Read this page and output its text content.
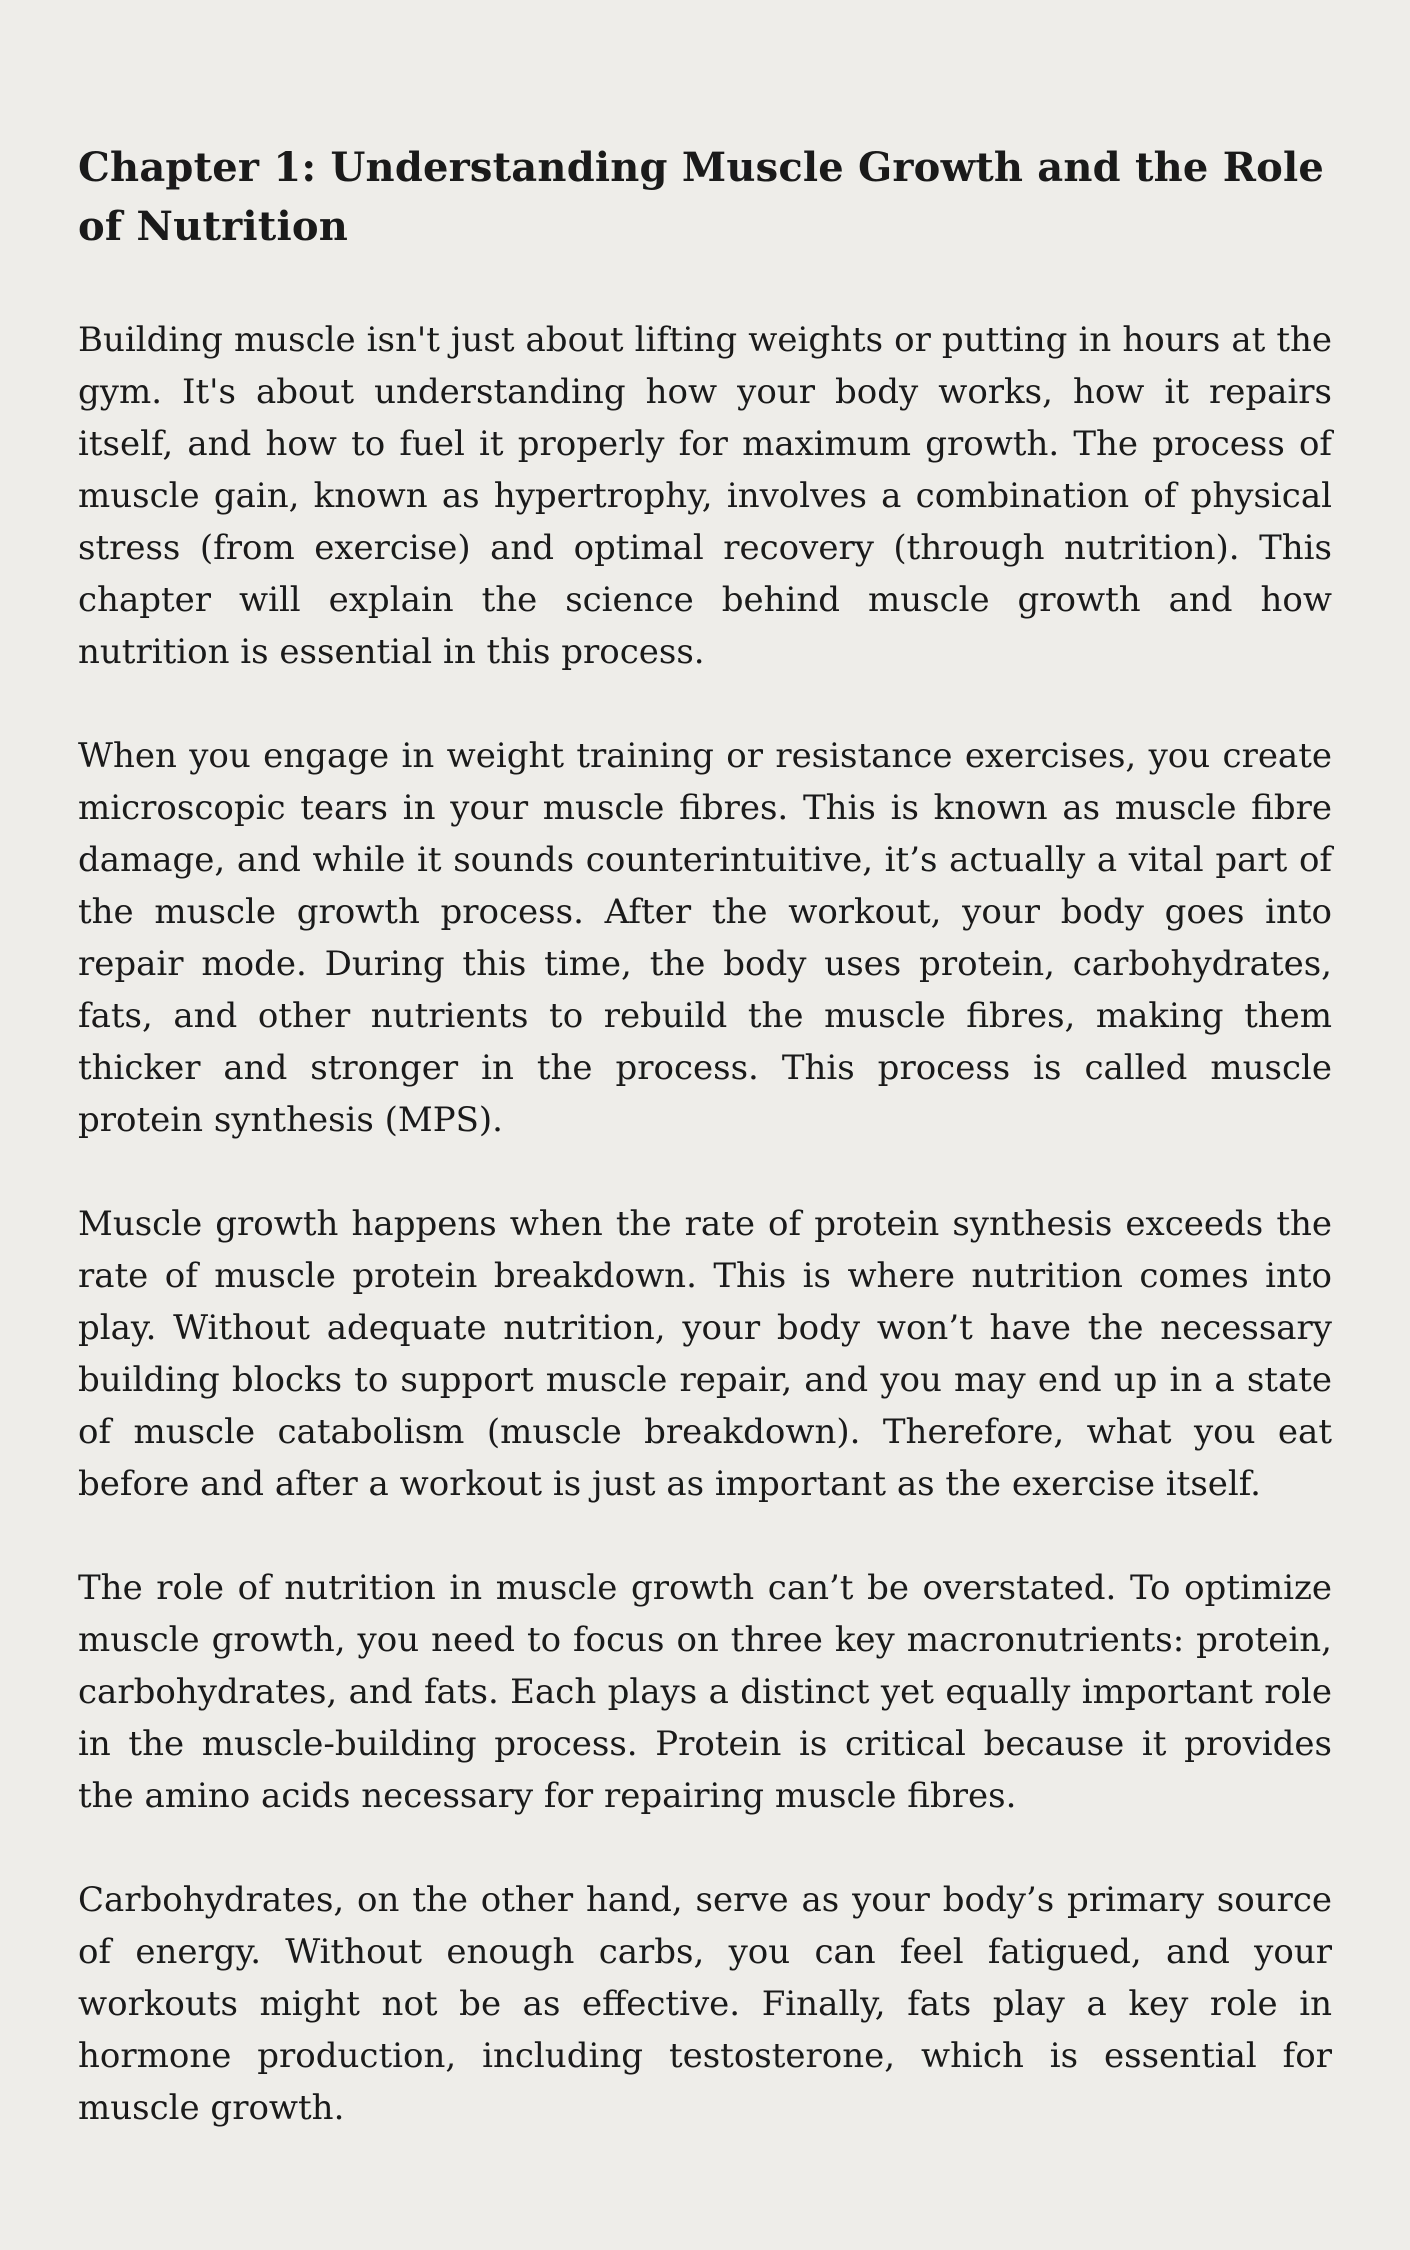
Chapter 1: Understanding Muscle Growth and the Role of Nutrition

Building muscle isn't just about lifting weights or putting in hours at the gym. It's about understanding how your body works, how it repairs itself, and how to fuel it properly for maximum growth. The process of muscle gain, known as hypertrophy, involves a combination of physical stress (from exercise) and optimal recovery (through nutrition). This chapter will explain the science behind muscle growth and how nutrition is essential in this process.

When you engage in weight training or resistance exercises, you create microscopic tears in your muscle fibres. This is known as muscle fibre damage, and while it sounds counterintuitive, it’s actually a vital part of the muscle growth process. After the workout, your body goes into repair mode. During this time, the body uses protein, carbohydrates, fats, and other nutrients to rebuild the muscle fibres, making them thicker and stronger in the process. This process is called muscle protein synthesis (MPS).

Muscle growth happens when the rate of protein synthesis exceeds the rate of muscle protein breakdown. This is where nutrition comes into play. Without adequate nutrition, your body won’t have the necessary building blocks to support muscle repair, and you may end up in a state of muscle catabolism (muscle breakdown). Therefore, what you eat before and after a workout is just as important as the exercise itself.

The role of nutrition in muscle growth can’t be overstated. To optimize muscle growth, you need to focus on three key macronutrients: protein, carbohydrates, and fats. Each plays a distinct yet equally important role in the muscle-building process. Protein is critical because it provides the amino acids necessary for repairing muscle fibres.

Carbohydrates, on the other hand, serve as your body’s primary source of energy. Without enough carbs, you can feel fatigued, and your workouts might not be as effective. Finally, fats play a key role in hormone production, including testosterone, which is essential for muscle growth.
